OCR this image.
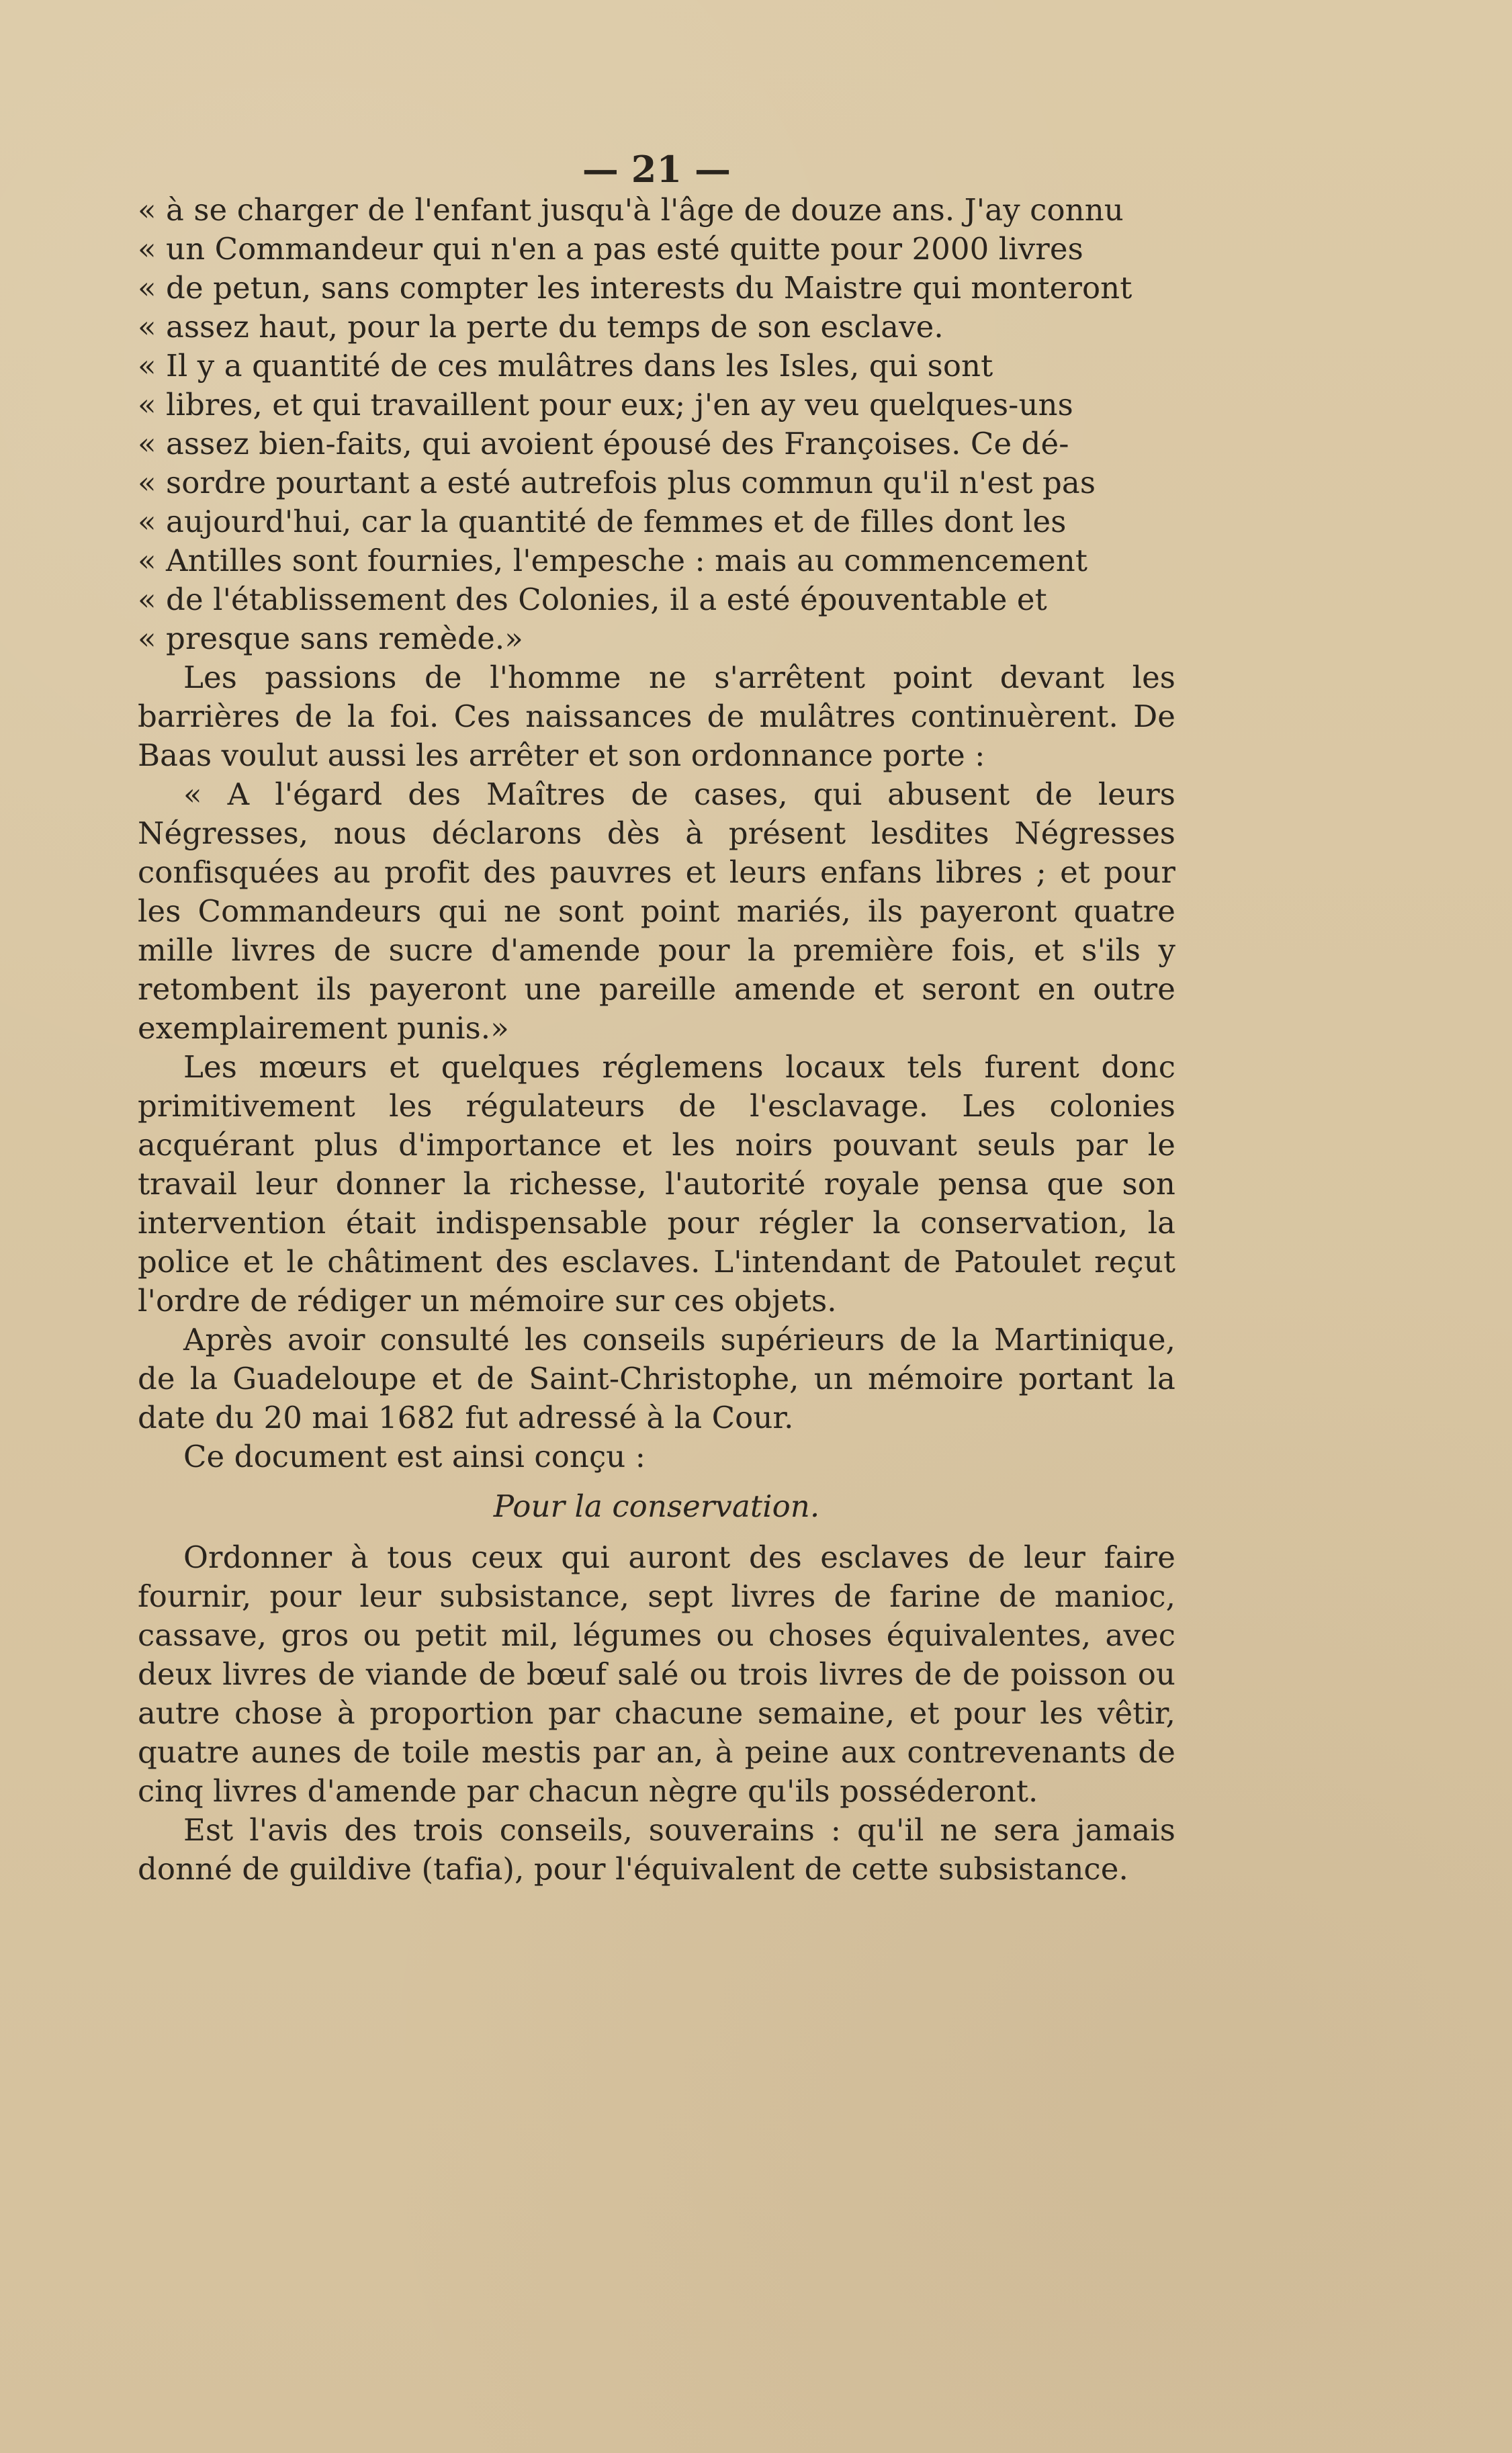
— 21 —
« à se charger de l'enfant jusqu'à l'âge de douze ans. J'ay connu
« un Commandeur qui n'en a pas esté quitte pour 2000 livres
« de petun, sans compter les interests du Maistre qui monteront
« assez haut, pour la perte du temps de son esclave.
« Il y a quantité de ces mulâtres dans les Isles, qui sont
« libres, et qui travaillent pour eux; j'en ay veu quelques-uns
« assez bien-faits, qui avoient épousé des Françoises. Ce dé-
« sordre pourtant a esté autrefois plus commun qu'il n'est pas
« aujourd'hui, car la quantité de femmes et de filles dont les
« Antilles sont fournies, l'empesche : mais au commencement
« de l'établissement des Colonies, il a esté épouventable et
« presque sans remède.»

Les passions de l'homme ne s'arrêtent point devant les barrières de la foi. Ces naissances de mulâtres continuèrent. De Baas voulut aussi les arrêter et son ordonnance porte :

« A l'égard des Maîtres de cases, qui abusent de leurs Négresses, nous déclarons dès à présent lesdites Négresses confisquées au profit des pauvres et leurs enfans libres ; et pour les Commandeurs qui ne sont point mariés, ils payeront quatre mille livres de sucre d'amende pour la première fois, et s'ils y retombent ils payeront une pareille amende et seront en outre exemplairement punis.»

Les mœurs et quelques réglemens locaux tels furent donc primitivement les régulateurs de l'esclavage. Les colonies acquérant plus d'importance et les noirs pouvant seuls par le travail leur donner la richesse, l'autorité royale pensa que son intervention était indispensable pour régler la conservation, la police et le châtiment des esclaves. L'intendant de Patoulet reçut l'ordre de rédiger un mémoire sur ces objets.

Après avoir consulté les conseils supérieurs de la Martinique, de la Guadeloupe et de Saint-Christophe, un mémoire portant la date du 20 mai 1682 fut adressé à la Cour.

Ce document est ainsi conçu :

Pour la conservation.

Ordonner à tous ceux qui auront des esclaves de leur faire fournir, pour leur subsistance, sept livres de farine de manioc, cassave, gros ou petit mil, légumes ou choses équivalentes, avec deux livres de viande de bœuf salé ou trois livres de de poisson ou autre chose à proportion par chacune semaine, et pour les vêtir, quatre aunes de toile mestis par an, à peine aux contrevenants de cinq livres d'amende par chacun nègre qu'ils posséderont.

Est l'avis des trois conseils, souverains : qu'il ne sera jamais donné de guildive (tafia), pour l'équivalent de cette subsistance.
